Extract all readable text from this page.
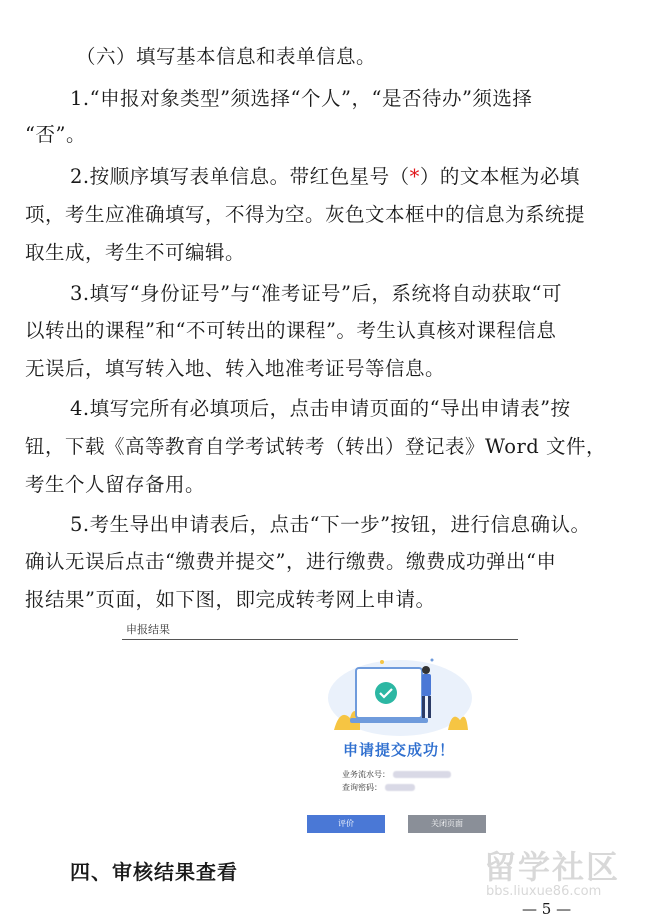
（六）填写基本信息和表单信息。
1.“申报对象类型”须选择“个人”，“是否待办”须选择
“否”。
2.按顺序填写表单信息。带红色星号（*）的文本框为必填
项，考生应准确填写，不得为空。灰色文本框中的信息为系统提
取生成，考生不可编辑。
3.填写“身份证号”与“准考证号”后，系统将自动获取“可
以转出的课程”和“不可转出的课程”。考生认真核对课程信息
无误后，填写转入地、转入地准考证号等信息。
4.填写完所有必填项后，点击申请页面的“导出申请表”按
钮，下载《高等教育自学考试转考（转出）登记表》Word 文件，
考生个人留存备用。
5.考生导出申请表后，点击“下一步”按钮，进行信息确认。
确认无误后点击“缴费并提交”，进行缴费。缴费成功弹出“申
报结果”页面，如下图，即完成转考网上申请。
申报结果
申请提交成功！
业务流水号：
查询密码：
评价	关闭页面
四、审核结果查看	留学社区
bbs.liuxue86.com
— 5 —
